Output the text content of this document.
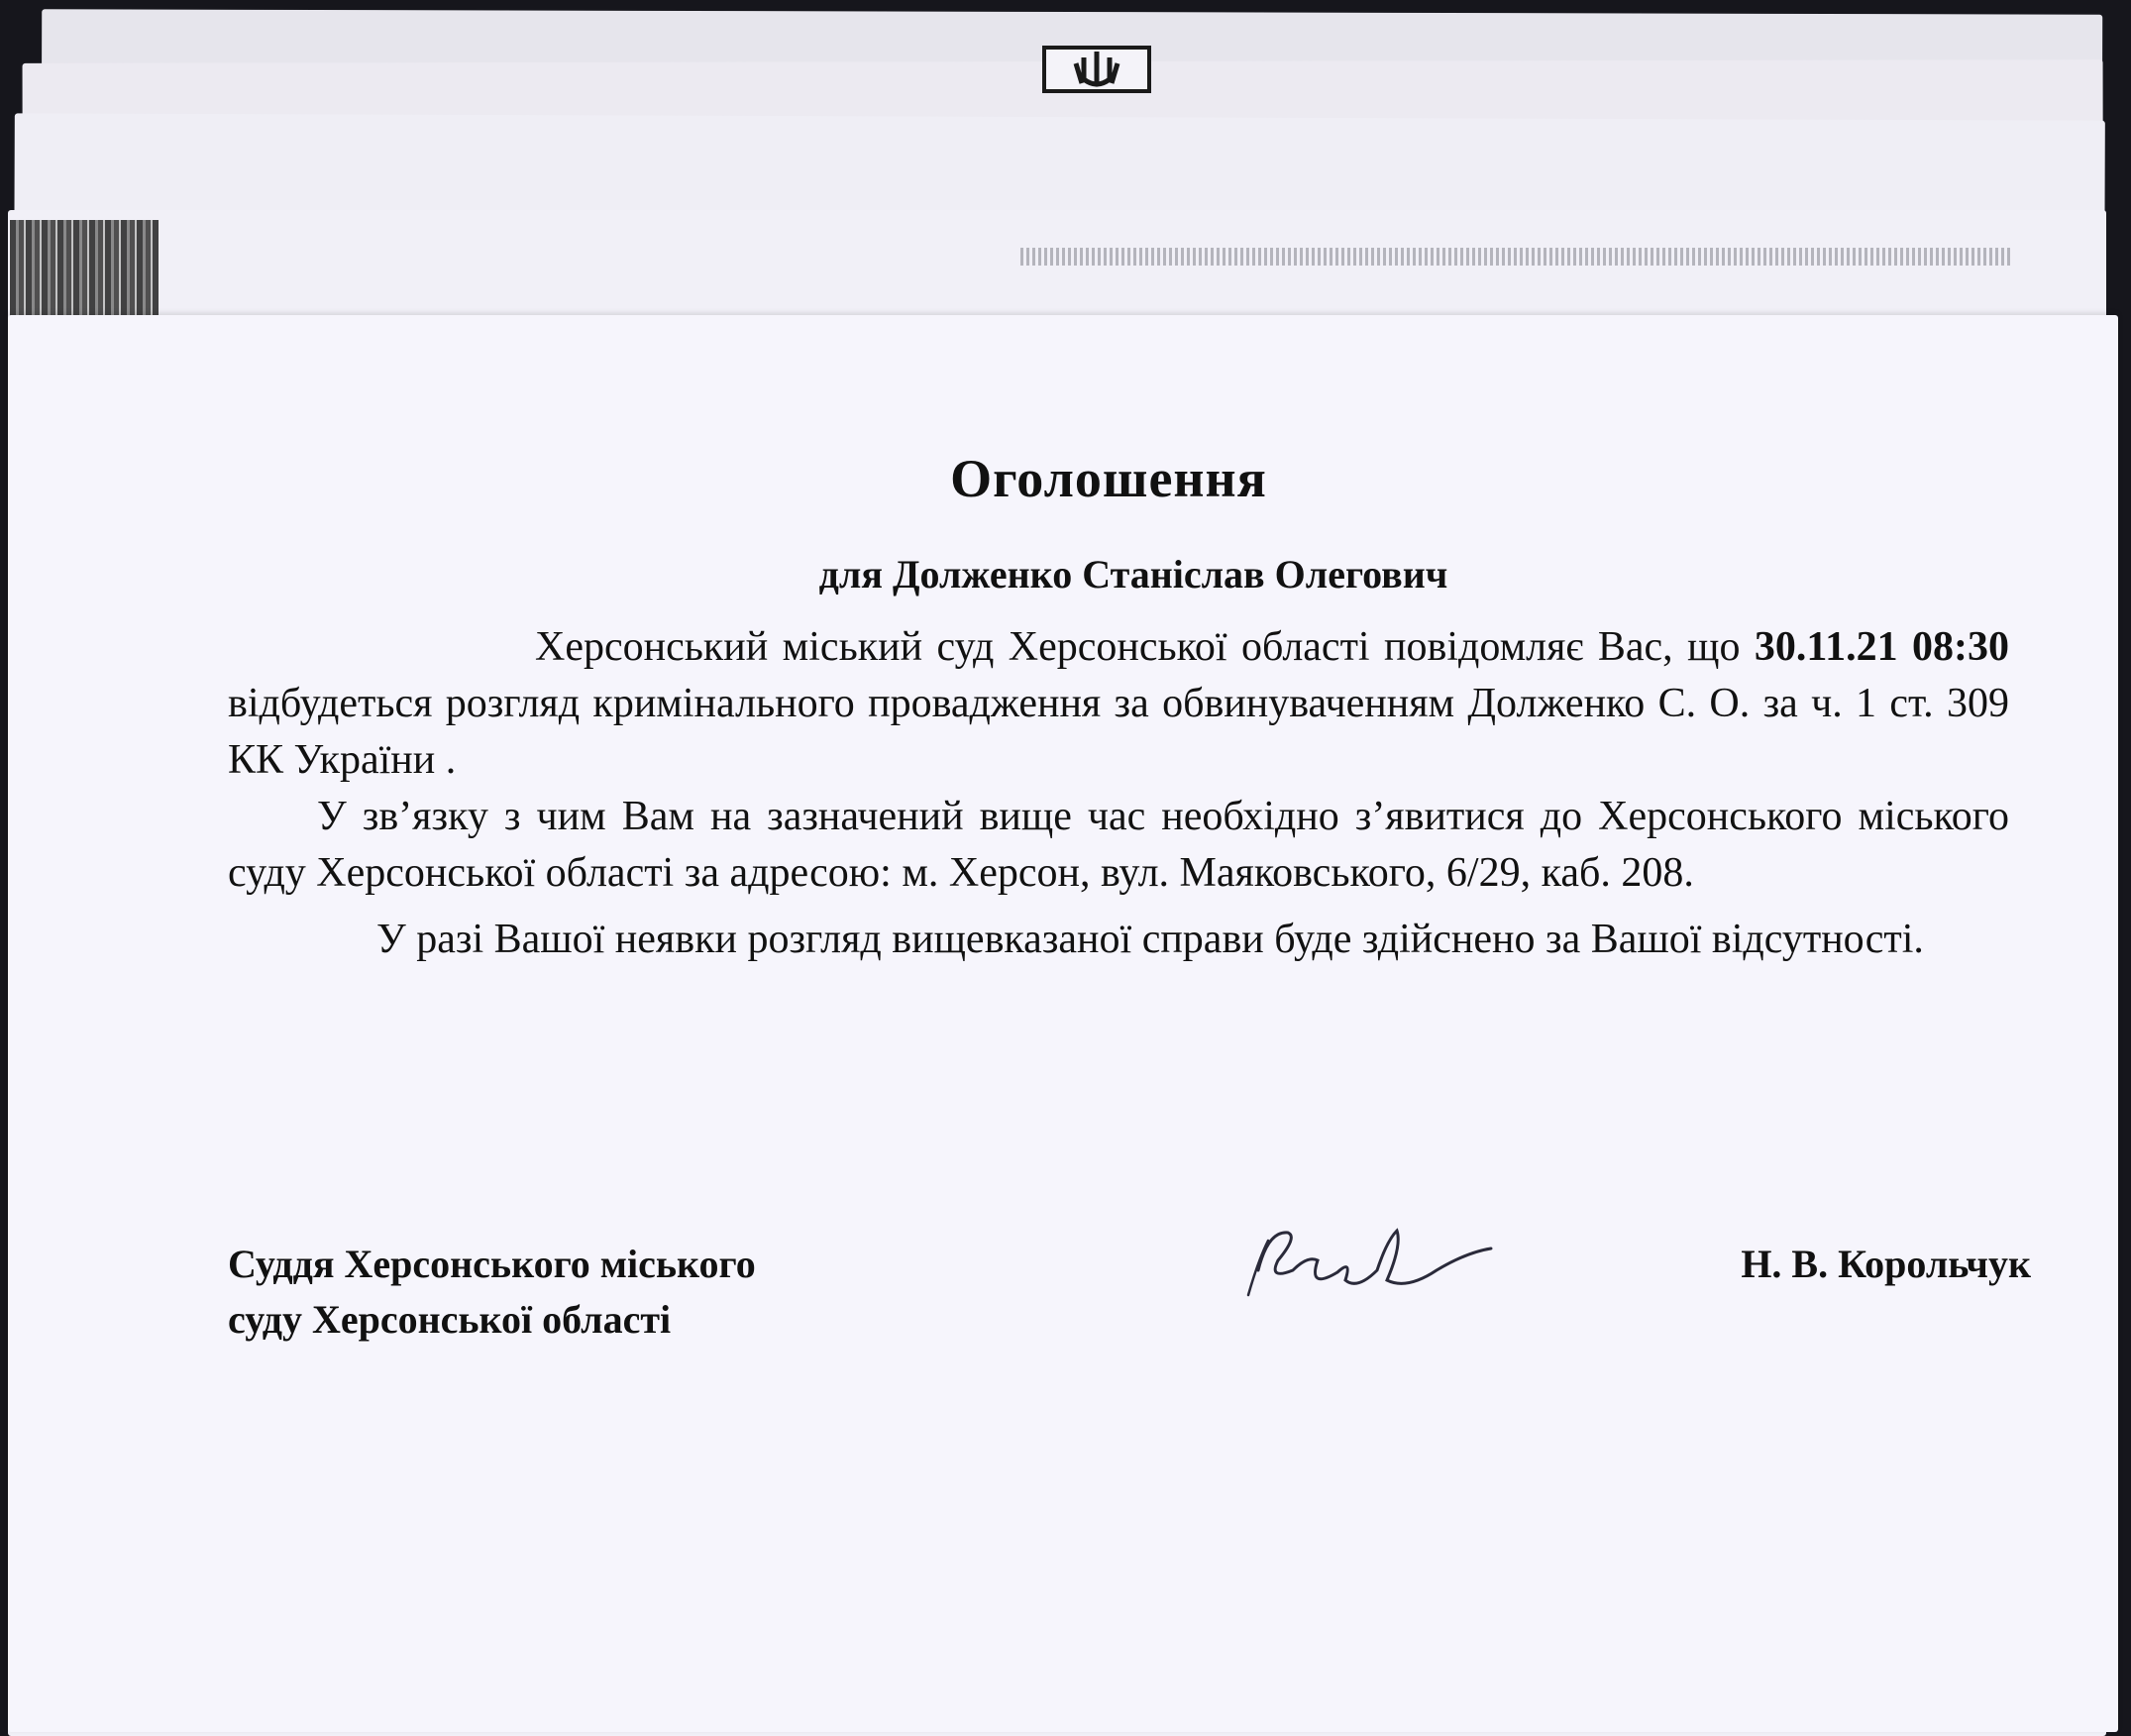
Оголошення
для Долженко Станіслав Олегович

Херсонський міський суд Херсонської області повідомляє Вас, що 30.11.21 08:30 відбудеться розгляд кримінального провадження за обвинуваченням Долженко С. О. за ч. 1 ст. 309 КК України .

У зв’язку з чим Вам на зазначений вище час необхідно з’явитися до Херсонського міського суду Херсонської області за адресою: м. Херсон, вул. Маяковського, 6/29, каб. 208.

У разі Вашої неявки розгляд вищевказаної справи буде здійснено за Вашої відсутності.

Суддя Херсонського міського
суду Херсонської області
Н. В. Корольчук
